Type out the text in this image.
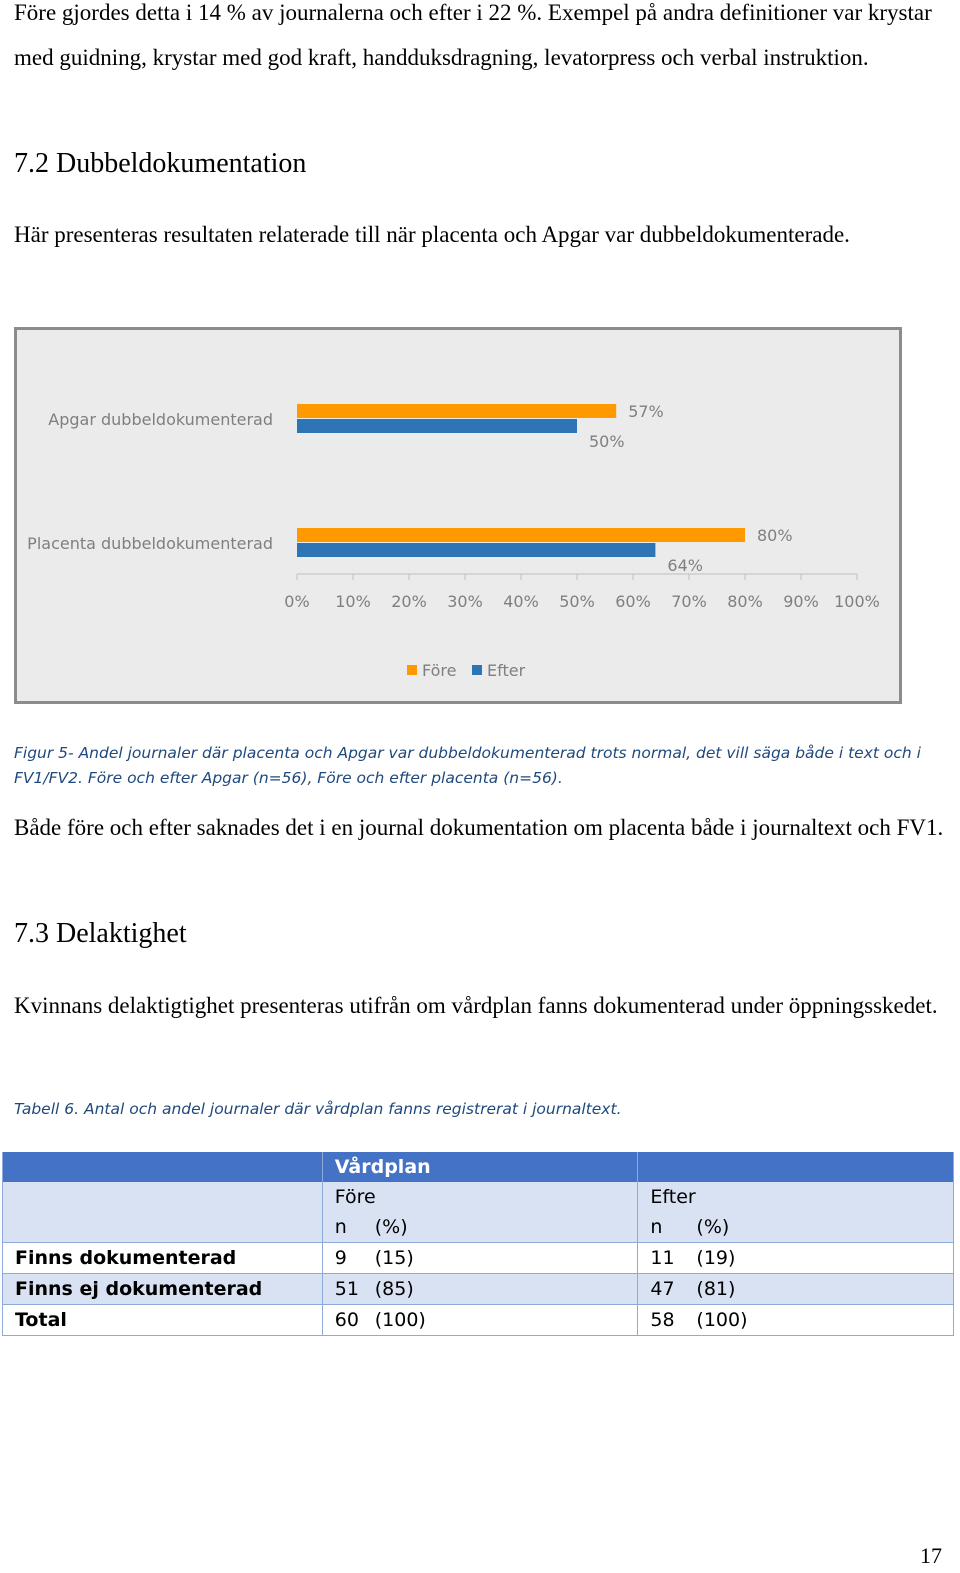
Före gjordes detta i 14 % av journalerna och efter i 22 %. Exempel på andra definitioner var krystar med guidning, krystar med god kraft, handduksdragning, levatorpress och verbal instruktion.

7.2 Dubbeldokumentation

Här presenteras resultaten relaterade till när placenta och Apgar var dubbeldokumenterade.

Apgar dubbeldokumenterad	57%
50%
Placenta dubbeldokumenterad	80%
64%
0% 10% 20% 30% 40% 50% 60% 70% 80% 90% 100%
Före Efter

Figur 5- Andel journaler där placenta och Apgar var dubbeldokumenterad trots normal, det vill säga både i text och i FV1/FV2. Före och efter Apgar (n=56), Före och efter placenta (n=56).

Både före och efter saknades det i en journal dokumentation om placenta både i journaltext och FV1.

7.3 Delaktighet

Kvinnans delaktigtighet presenteras utifrån om vårdplan fanns dokumenterad under öppningsskedet.

Tabell 6. Antal och andel journaler där vårdplan fanns registrerat i journaltext.

	Vårdplan	
	Före	Efter
	n (%)	n (%)
Finns dokumenterad	9 (15)	11 (19)
Finns ej dokumenterad	51 (85)	47 (81)
Total	60 (100)	58 (100)
17
